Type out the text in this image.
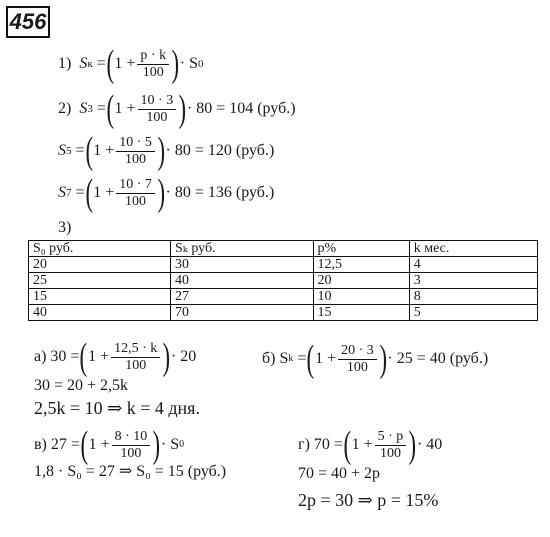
456
1) S к = ( $1 + \frac{p \cdot k}{100}$ ) · S 0
2) S 3 = ( $1 + \frac{10 \cdot 3}{100}$ ) · 80 = 104 (руб.)
S 5 = ( $1 + \frac{10 \cdot 5}{100}$ ) · 80 = 120 (руб.)
S 7 = ( $1 + \frac{10 \cdot 7}{100}$ ) · 80 = 136 (руб.)
3)
S₀ руб.	Sₖ руб.	p%	k мес.
20	30	12,5	4
25	40	20	3
15	27	10	8
40	70	15	5
а) 30 = ( $1 + \frac{12,5 \cdot k}{100}$ ) · 20
30 = 20 + 2,5k
2,5k = 10 ⇒ k = 4 дня.
б) S k = ( $1 + \frac{20 \cdot 3}{100}$ ) · 25 = 40 (руб.)
в) 27 = ( $1 + \frac{8 \cdot 10}{100}$ ) · S 0
1,8 · S₀ = 27 ⇒ S₀ = 15 (руб.)
г) 70 = ( $1 + \frac{5 \cdot p}{100}$ ) · 40
70 = 40 + 2p
2p = 30 ⇒ p = 15%
